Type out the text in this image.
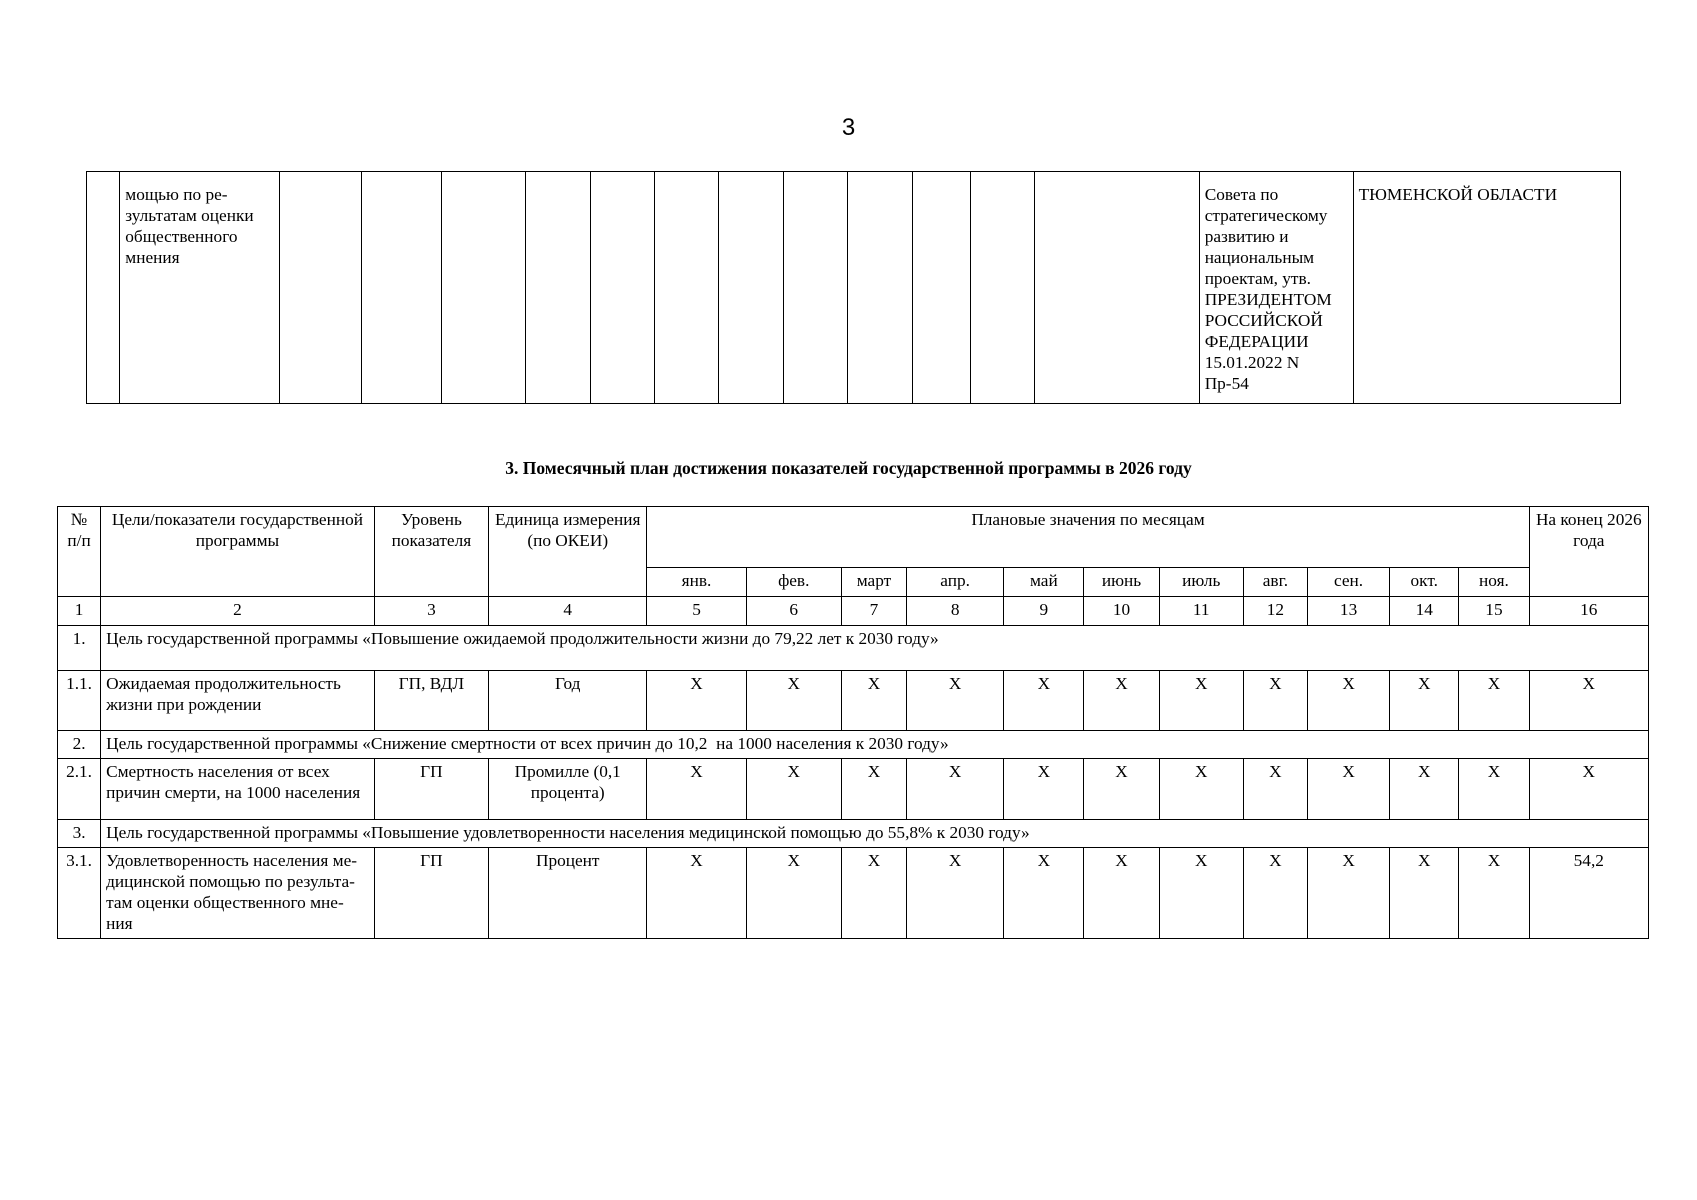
3
	мощью по ре-
зультатам оценки
общественного
мнения													Совета по стратегическому развитию и национальным проектам, утв. ПРЕЗИДЕНТОМ РОССИЙСКОЙ ФЕДЕРАЦИИ 15.01.2022 N Пр-54	ТЮМЕНСКОЙ ОБЛАСТИ
3. Помесячный план достижения показателей государственной программы в 2026 году
№ п/п	Цели/показатели государственной программы	Уровень показателя	Единица измерения (по ОКЕИ)	Плановые значения по месяцам											На конец 2026 года
				янв.	фев.	март	апр.	май	июнь	июль	авг.	сен.	окт.	ноя.	
1	2	3	4	5	6	7	8	9	10	11	12	13	14	15	16
1.	Цель государственной программы «Повышение ожидаемой продолжительности жизни до 79,22 лет к 2030 году»														
1.1.	Ожидаемая продолжительность жизни при рождении	ГП, ВДЛ	Год	X	X	X	X	X	X	X	X	X	X	X	X
2.	Цель государственной программы «Снижение смертности от всех причин до 10,2  на 1000 населения к 2030 году»														
2.1.	Смертность населения от всех причин смерти, на 1000 населения	ГП	Промилле (0,1 процента)	X	X	X	X	X	X	X	X	X	X	X	X
3.	Цель государственной программы «Повышение удовлетворенности населения медицинской помощью до 55,8% к 2030 году»														
3.1.	Удовлетворенность населения ме-
дицинской помощью по результа-
там оценки общественного мне-
ния	ГП	Процент	X	X	X	X	X	X	X	X	X	X	X	54,2
